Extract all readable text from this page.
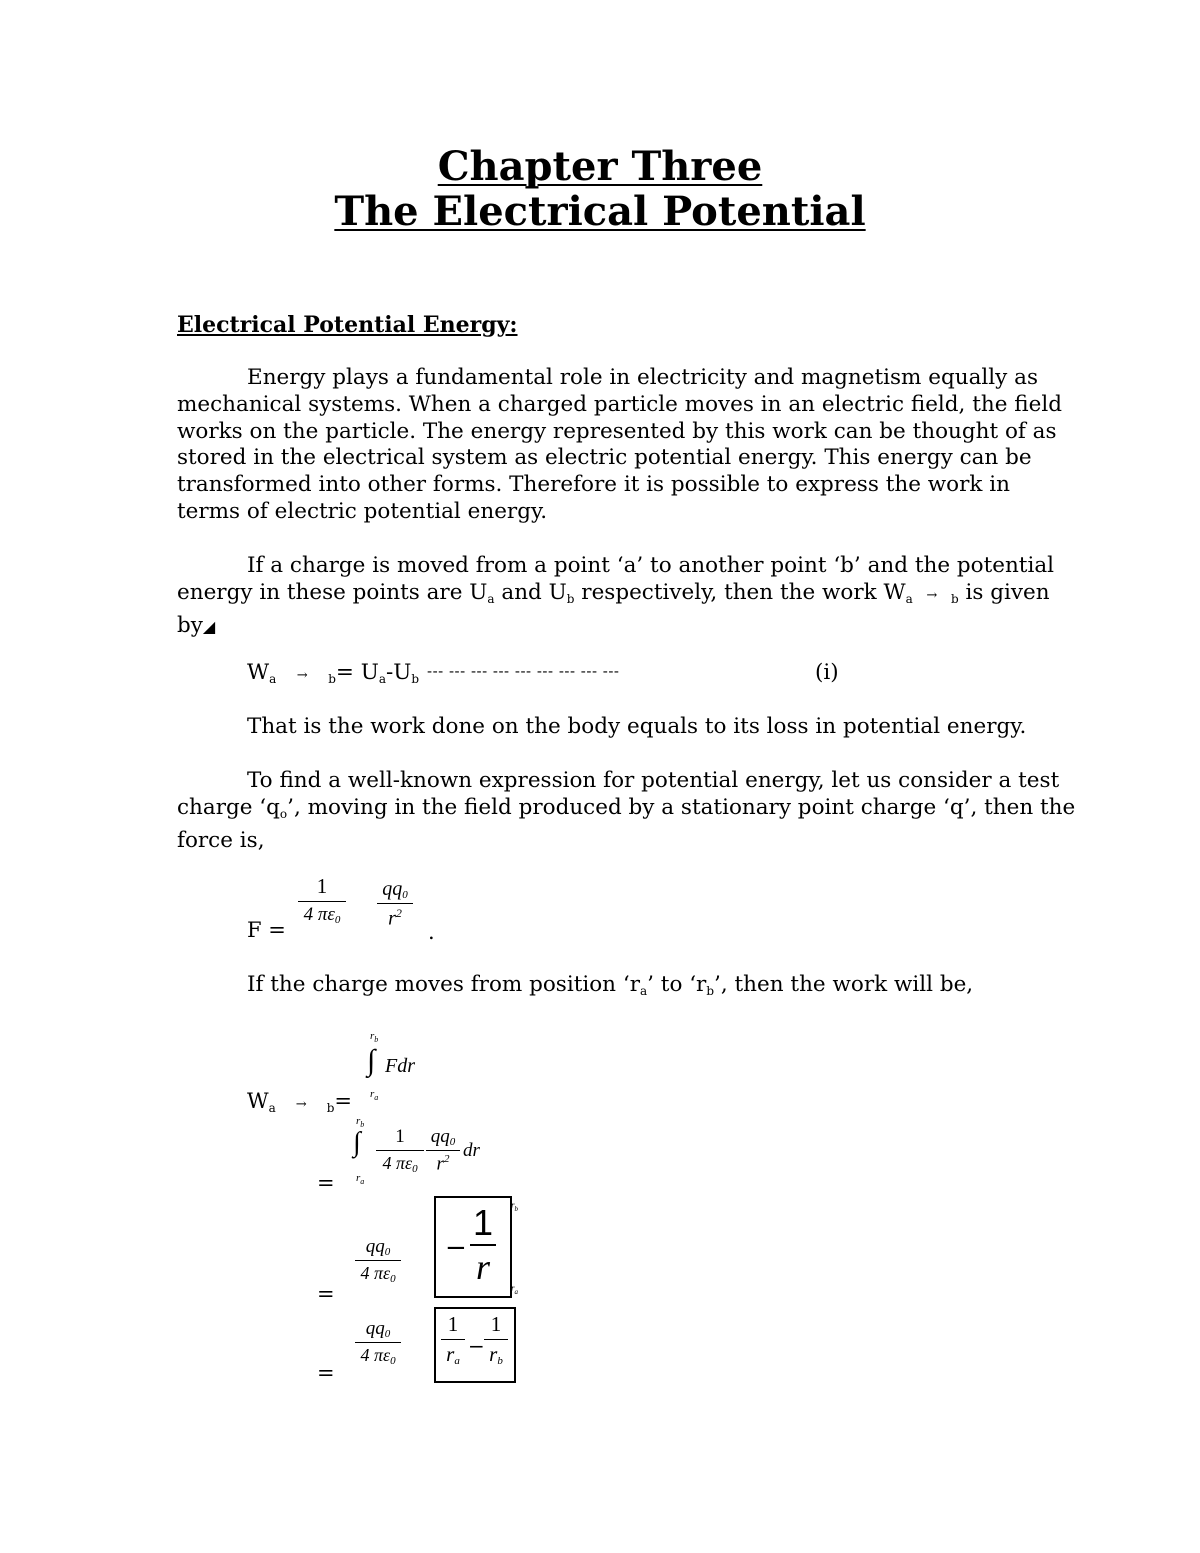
Chapter Three
The Electrical Potential
Electrical Potential Energy:
Energy plays a fundamental role in electricity and magnetism equally as
mechanical systems. When a charged particle moves in an electric field, the field
works on the particle. The energy represented by this work can be thought of as
stored in the electrical system as electric potential energy. This energy can be
transformed into other forms. Therefore it is possible to express the work in
terms of electric potential energy.
If a charge is moved from a point ‘a’ to another point ‘b’ and the potential
energy in these points are $U_a$ and $U_b$ respectively, then the work $W_a \to _b$ is given
by◢
$W_a \to _b= U_a-U_b$ --- --- --- --- --- --- --- --- ---	(i)
That is the work done on the body equals to its loss in potential energy.
To find a well-known expression for potential energy, let us consider a test
charge ‘$q_o$’, moving in the field produced by a stationary point charge ‘q’, then the
force is,
F =
1
4 πε0
qq0
$r^2$
.
If the charge moves from position ‘$r_a$’ to ‘$r_b$’, then the work will be,
$W_a \to _b=$
$r_b$
∫ Fdr
$r_a$
=
$r_b$
∫
$r_a$
1
4 πε0
qq0
$r^2$ dr
=
qq0
4 πε0
−
1
r
$r_b$
$r_a$
=
qq0
4 πε0
1
ra
−
1
rb
